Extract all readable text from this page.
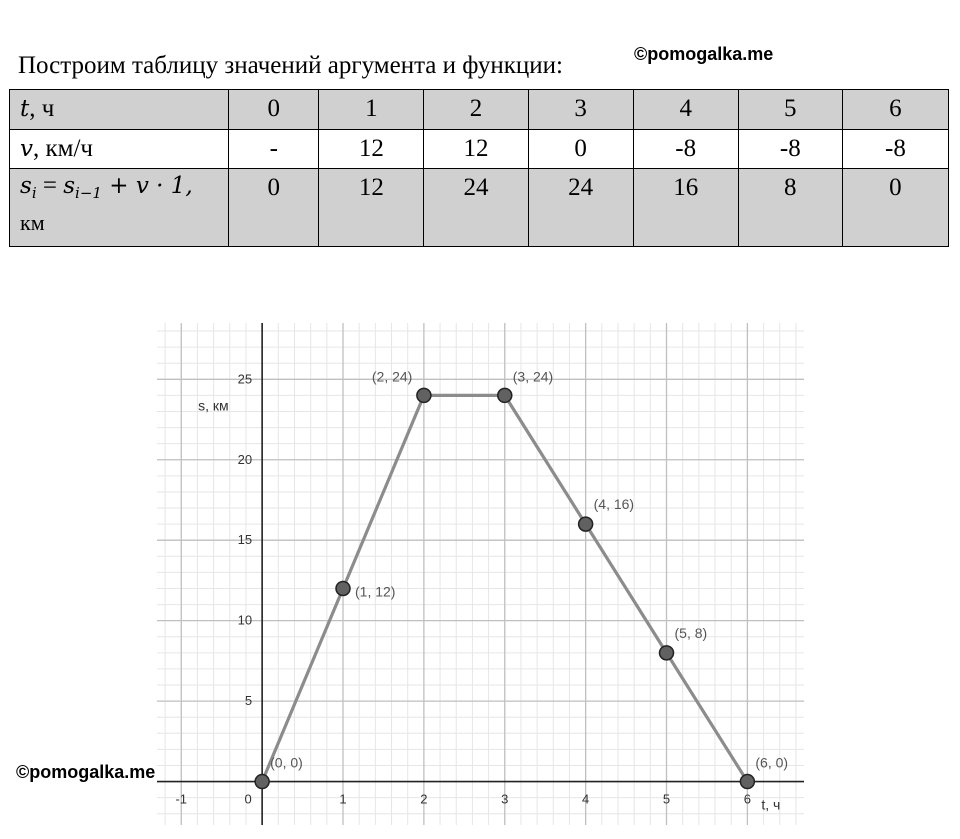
Построим таблицу значений аргумента и функции:	©pomogalka.me
t, ч	0	1	2	3	4	5	6
v, км/ч	-	12	12	0	-8	-8	-8

$s_i = s_{i-1} + v \cdot 1$,
км	0	12	24	24	16	8	0
-1	0	1	2	3	4	5	6
5
10
15
20
25
(0, 0)
(1, 12)
(2, 24)	(3, 24)
(4, 16)
(5, 8)
(6, 0)
t, ч
s, км
©pomogalka.me
